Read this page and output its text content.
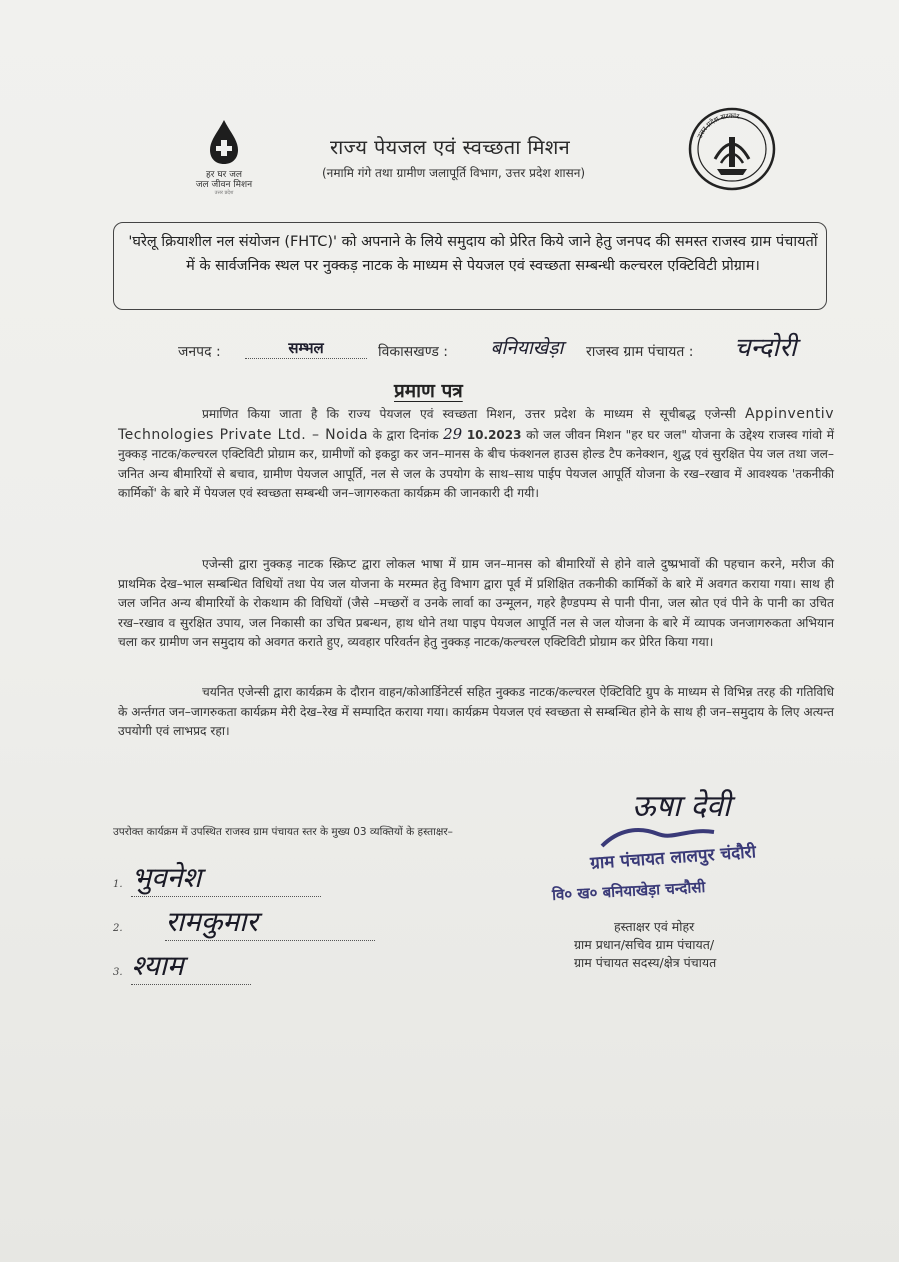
हर घर जल
जल जीवन मिशन
उत्तर प्रदेश
राज्य पेयजल एवं स्वच्छता मिशन
(नमामि गंगे तथा ग्रामीण जलापूर्ति विभाग, उत्तर प्रदेश शासन)
उत्तर प्रदेश सरकार
'घरेलू क्रियाशील नल संयोजन (FHTC)' को अपनाने के लिये समुदाय को प्रेरित किये जाने हेतु जनपद की समस्त राजस्व ग्राम पंचायतों में के सार्वजनिक स्थल पर नुक्कड़ नाटक के माध्यम से पेयजल एवं स्वच्छता सम्बन्धी कल्चरल एक्टिविटी प्रोग्राम।
जनपद :	सम्भल	विकासखण्ड :	बनियाखेड़ा	राजस्व ग्राम पंचायत : चन्दोरी
प्रमाण पत्र
प्रमाणित किया जाता है कि राज्य पेयजल एवं स्वच्छता मिशन, उत्तर प्रदेश के माध्यम से सूचीबद्ध एजेन्सी Appinventiv Technologies Private Ltd. – Noida के द्वारा दिनांक 29 10.2023 को जल जीवन मिशन "हर घर जल" योजना के उद्देश्य राजस्व गांवो में नुक्कड़ नाटक/कल्चरल एक्टिविटी प्रोग्राम कर, ग्रामीणों को इकट्ठा कर जन–मानस के बीच फंक्शनल हाउस होल्ड टैप कनेक्शन, शुद्ध एवं सुरक्षित पेय जल तथा जल–जनित अन्य बीमारियों से बचाव, ग्रामीण पेयजल आपूर्ति, नल से जल के उपयोग के साथ–साथ पाईप पेयजल आपूर्ति योजना के रख–रखाव में आवश्यक 'तकनीकी कार्मिकों' के बारे में पेयजल एवं स्वच्छता सम्बन्धी जन–जागरुकता कार्यक्रम की जानकारी दी गयी।
एजेन्सी द्वारा नुक्कड़ नाटक स्क्रिप्ट द्वारा लोकल भाषा में ग्राम जन–मानस को बीमारियों से होने वाले दुष्प्रभावों की पहचान करने, मरीज की प्राथमिक देख–भाल सम्बन्धित विधियों तथा पेय जल योजना के मरम्मत हेतु विभाग द्वारा पूर्व में प्रशिक्षित तकनीकी कार्मिकों के बारे में अवगत कराया गया। साथ ही जल जनित अन्य बीमारियों के रोकथाम की विधियों (जैसे –मच्छरों व उनके लार्वा का उन्मूलन, गहरे हैण्डपम्प से पानी पीना, जल स्रोत एवं पीने के पानी का उचित रख–रखाव व सुरक्षित उपाय, जल निकासी का उचित प्रबन्धन, हाथ धोने तथा पाइप पेयजल आपूर्ति नल से जल योजना के बारे में व्यापक जनजागरुकता अभियान चला कर ग्रामीण जन समुदाय को अवगत कराते हुए, व्यवहार परिवर्तन हेतु नुक्कड़ नाटक/कल्चरल एक्टिविटी प्रोग्राम कर प्रेरित किया गया।
चयनित एजेन्सी द्वारा कार्यक्रम के दौरान वाहन/कोआर्डिनेटर्स सहित नुक्कड नाटक/कल्चरल ऐक्टिविटि ग्रुप के माध्यम से विभिन्न तरह की गतिविधि के अर्न्तगत जन–जागरुकता कार्यक्रम मेरी देख–रेख में सम्पादित कराया गया। कार्यक्रम पेयजल एवं स्वच्छता से सम्बन्धित होने के साथ ही जन–समुदाय के लिए अत्यन्त उपयोगी एवं लाभप्रद रहा।
उपरोक्त कार्यक्रम में उपस्थित राजस्व ग्राम पंचायत स्तर के मुख्य 03 व्यक्तियों के हस्ताक्षर–
1. भुवनेश
2. रामकुमार
3. श्याम
ऊषा देवी
ग्राम पंचायत लालपुर चंदौरी
वि० ख० बनियाखेड़ा चन्दौसी
हस्ताक्षर एवं मोहर
ग्राम प्रधान/सचिव ग्राम पंचायत/
ग्राम पंचायत सदस्य/क्षेत्र पंचायत
